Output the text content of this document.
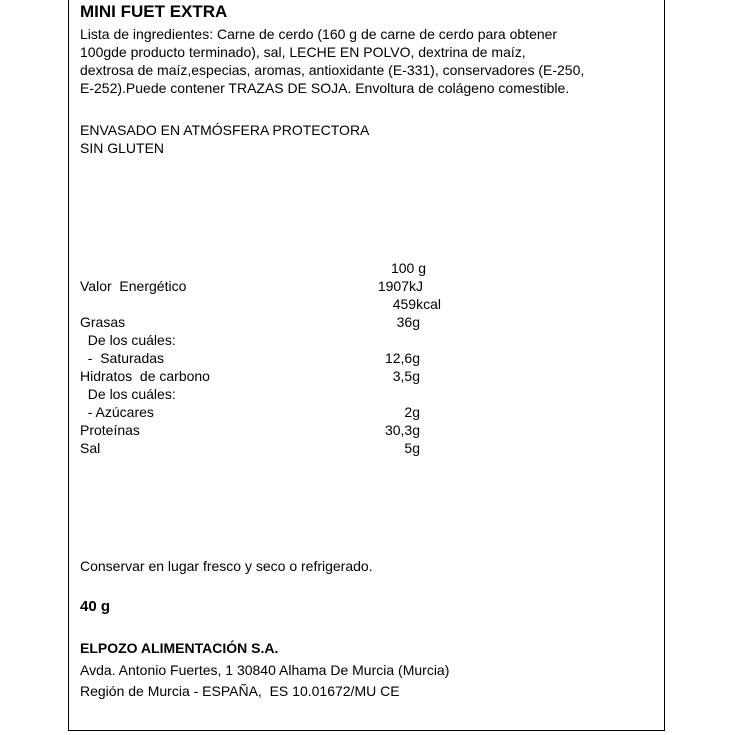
MINI FUET EXTRA
Lista de ingredientes: Carne de cerdo (160 g de carne de cerdo para obtener
100gde producto terminado), sal, LECHE EN POLVO, dextrina de maíz,
dextrosa de maíz,especias, aromas, antioxidante (E-331), conservadores (E-250,
E-252).Puede contener TRAZAS DE SOJA. Envoltura de colágeno comestible.
ENVASADO EN ATMÓSFERA PROTECTORA
SIN GLUTEN
100 g
Valor  Energético	1907kJ
459kcal
Grasas	36g
De los cuáles:
-  Saturadas	12,6g
Hidratos  de carbono	3,5g
De los cuáles:
- Azúcares	2g
Proteínas	30,3g
Sal	5g
Conservar en lugar fresco y seco o refrigerado.
40 g
ELPOZO ALIMENTACIÓN S.A.
Avda. Antonio Fuertes, 1 30840 Alhama De Murcia (Murcia)
Región de Murcia - ESPAÑA,  ES 10.01672/MU CE
